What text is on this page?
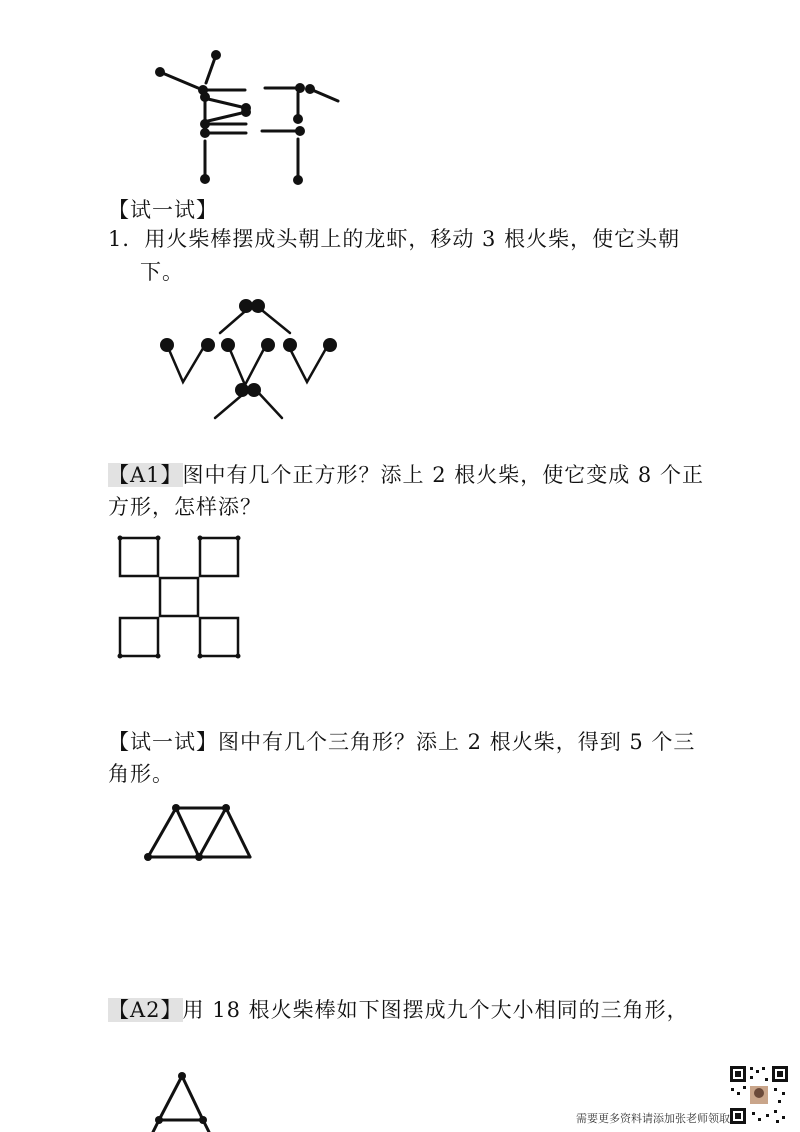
【试一试】
1．用火柴棒摆成头朝上的龙虾，移动 3 根火柴，使它头朝
下。
【A1】图中有几个正方形？添上 2 根火柴，使它变成 8 个正
方形，怎样添？
【试一试】图中有几个三角形？添上 2 根火柴，得到 5 个三
角形。
【A2】用 18 根火柴棒如下图摆成九个大小相同的三角形，
需要更多资料请添加张老师领取
